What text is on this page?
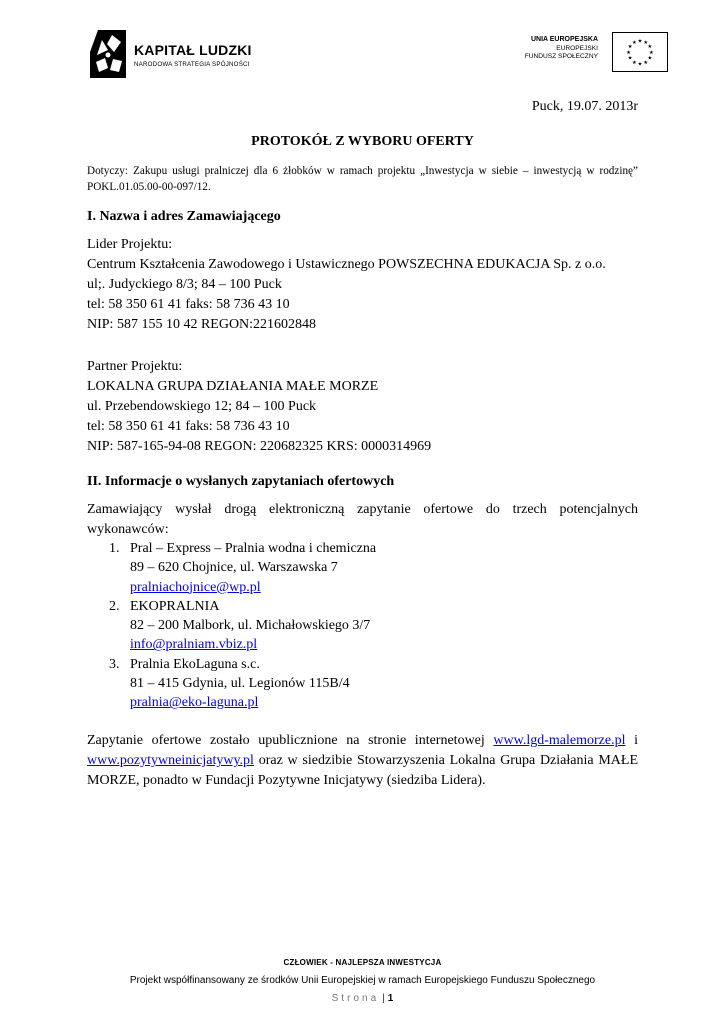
KAPITAŁ LUDZKI
NARODOWA STRATEGIA SPÓJNOŚCI
UNIA EUROPEJSKA
EUROPEJSKI
FUNDUSZ SPOŁECZNY
★
★
★
★
★
★
★
★
★ ★ ★
★
Puck, 19.07. 2013r
PROTOKÓŁ Z WYBORU OFERTY
Dotyczy: Zakupu usługi pralniczej dla 6 żłobków w ramach projektu „Inwestycja w siebie – inwestycją w rodzinę” POKL.01.05.00-00-097/12.
I. Nazwa i adres Zamawiającego
Lider Projektu:
Centrum Kształcenia Zawodowego i Ustawicznego POWSZECHNA EDUKACJA Sp. z o.o.
ul;. Judyckiego 8/3; 84 – 100 Puck
tel: 58 350 61 41 faks: 58 736 43 10
NIP: 587 155 10 42 REGON:221602848
Partner Projektu:
LOKALNA GRUPA DZIAŁANIA MAŁE MORZE
ul. Przebendowskiego 12; 84 – 100 Puck
tel: 58 350 61 41 faks: 58 736 43 10
NIP: 587-165-94-08 REGON: 220682325 KRS: 0000314969
II. Informacje o wysłanych zapytaniach ofertowych
Zamawiający wysłał drogą elektroniczną zapytanie ofertowe do trzech potencjalnych wykonawców:
1. Pral – Express – Pralnia wodna i chemiczna
89 – 620 Chojnice, ul. Warszawska 7
pralniachojnice@wp.pl
2. EKOPRALNIA
82 – 200 Malbork, ul. Michałowskiego 3/7
info@pralniam.vbiz.pl
3. Pralnia EkoLaguna s.c.
81 – 415 Gdynia, ul. Legionów 115B/4
pralnia@eko-laguna.pl
Zapytanie ofertowe zostało upublicznione na stronie internetowej www.lgd-malemorze.pl i www.pozytywneinicjatywy.pl oraz w siedzibie Stowarzyszenia Lokalna Grupa Działania MAŁE MORZE, ponadto w Fundacji Pozytywne Inicjatywy (siedziba Lidera).
CZŁOWIEK - NAJLEPSZA INWESTYCJA
Projekt współfinansowany ze środków Unii Europejskiej w ramach Europejskiego Funduszu Społecznego
Strona | 1
